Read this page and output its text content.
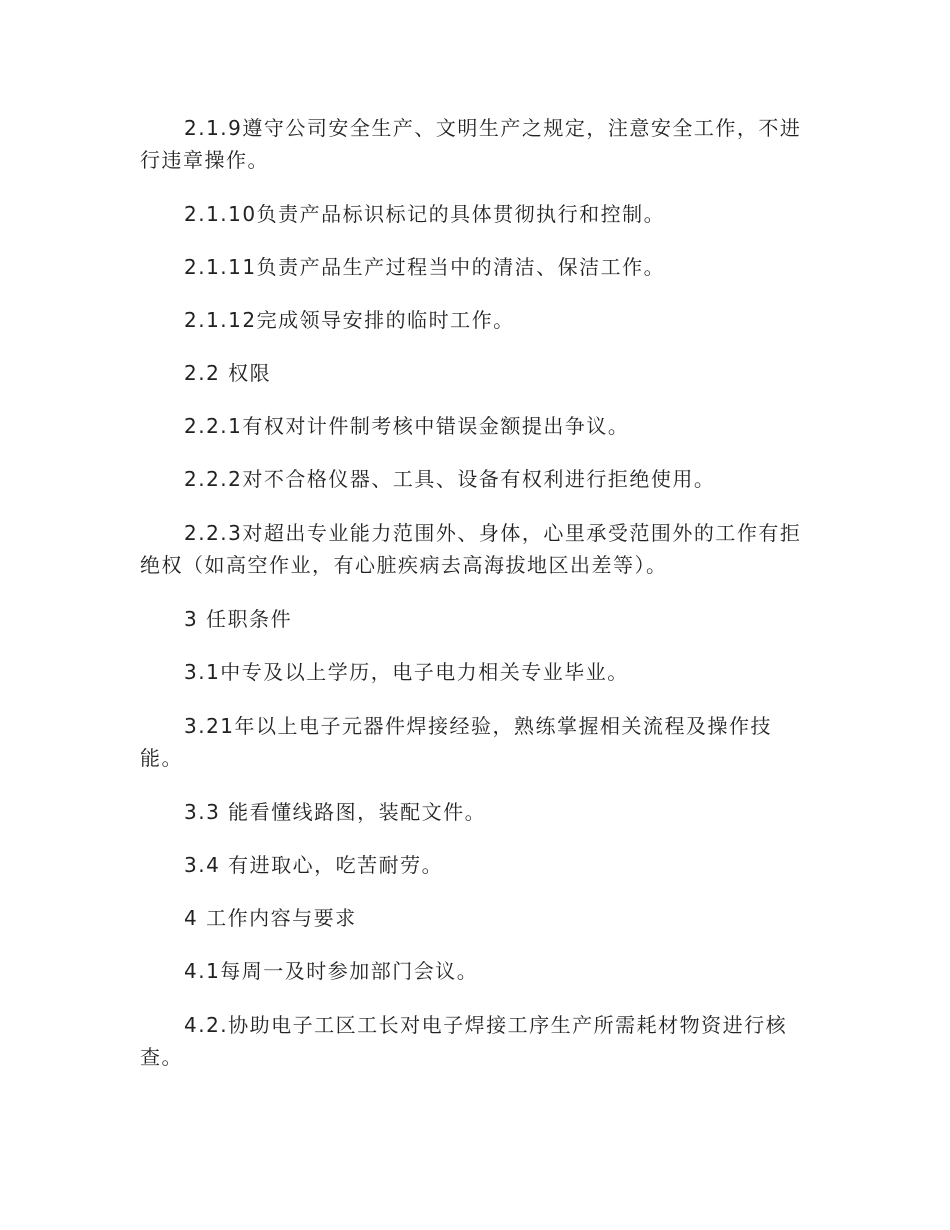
2.1.9遵守公司安全生产、文明生产之规定，注意安全工作，不进行违章操作。

2.1.10负责产品标识标记的具体贯彻执行和控制。

2.1.11负责产品生产过程当中的清洁、保洁工作。

2.1.12完成领导安排的临时工作。

2.2 权限

2.2.1有权对计件制考核中错误金额提出争议。

2.2.2对不合格仪器、工具、设备有权利进行拒绝使用。

2.2.3对超出专业能力范围外、身体，心里承受范围外的工作有拒绝权（如高空作业，有心脏疾病去高海拔地区出差等）。

3 任职条件

3.1中专及以上学历，电子电力相关专业毕业。

3.21年以上电子元器件焊接经验，熟练掌握相关流程及操作技能。

3.3 能看懂线路图，装配文件。

3.4 有进取心，吃苦耐劳。

4 工作内容与要求

4.1每周一及时参加部门会议。

4.2.协助电子工区工长对电子焊接工序生产所需耗材物资进行核查。
